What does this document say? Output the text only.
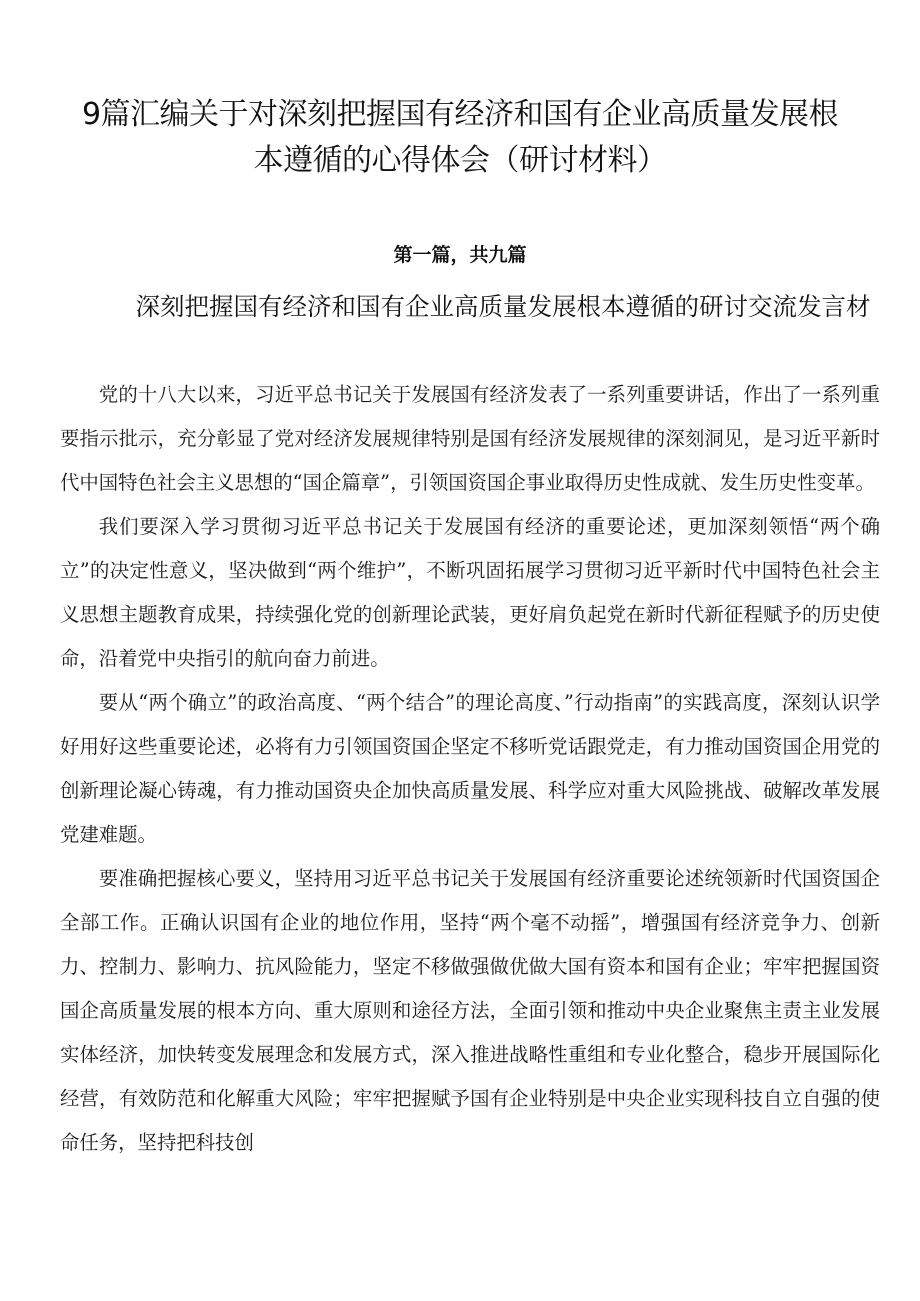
9篇汇编关于对深刻把握国有经济和国有企业高质量发展根本遵循的心得体会（研讨材料）
第一篇，共九篇
深刻把握国有经济和国有企业高质量发展根本遵循的研讨交流发言材

党的十八大以来，习近平总书记关于发展国有经济发表了一系列重要讲话，作出了一系列重要指示批示，充分彰显了党对经济发展规律特别是国有经济发展规律的深刻洞见，是习近平新时代中国特色社会主义思想的“国企篇章”，引领国资国企事业取得历史性成就、发生历史性变革。

我们要深入学习贯彻习近平总书记关于发展国有经济的重要论述，更加深刻领悟“两个确立”的决定性意义，坚决做到“两个维护”，不断巩固拓展学习贯彻习近平新时代中国特色社会主义思想主题教育成果，持续强化党的创新理论武装，更好肩负起党在新时代新征程赋予的历史使命，沿着党中央指引的航向奋力前进。

要从“两个确立”的政治高度、“两个结合”的理论高度、”行动指南”的实践高度，深刻认识学好用好这些重要论述，必将有力引领国资国企坚定不移听党话跟党走，有力推动国资国企用党的创新理论凝心铸魂，有力推动国资央企加快高质量发展、科学应对重大风险挑战、破解改革发展党建难题。

要准确把握核心要义，坚持用习近平总书记关于发展国有经济重要论述统领新时代国资国企全部工作。正确认识国有企业的地位作用，坚持“两个毫不动摇”，增强国有经济竞争力、创新力、控制力、影响力、抗风险能力，坚定不移做强做优做大国有资本和国有企业；牢牢把握国资国企高质量发展的根本方向、重大原则和途径方法，全面引领和推动中央企业聚焦主责主业发展实体经济，加快转变发展理念和发展方式，深入推进战略性重组和专业化整合，稳步开展国际化经营，有效防范和化解重大风险；牢牢把握赋予国有企业特别是中央企业实现科技自立自强的使命任务，坚持把科技创
